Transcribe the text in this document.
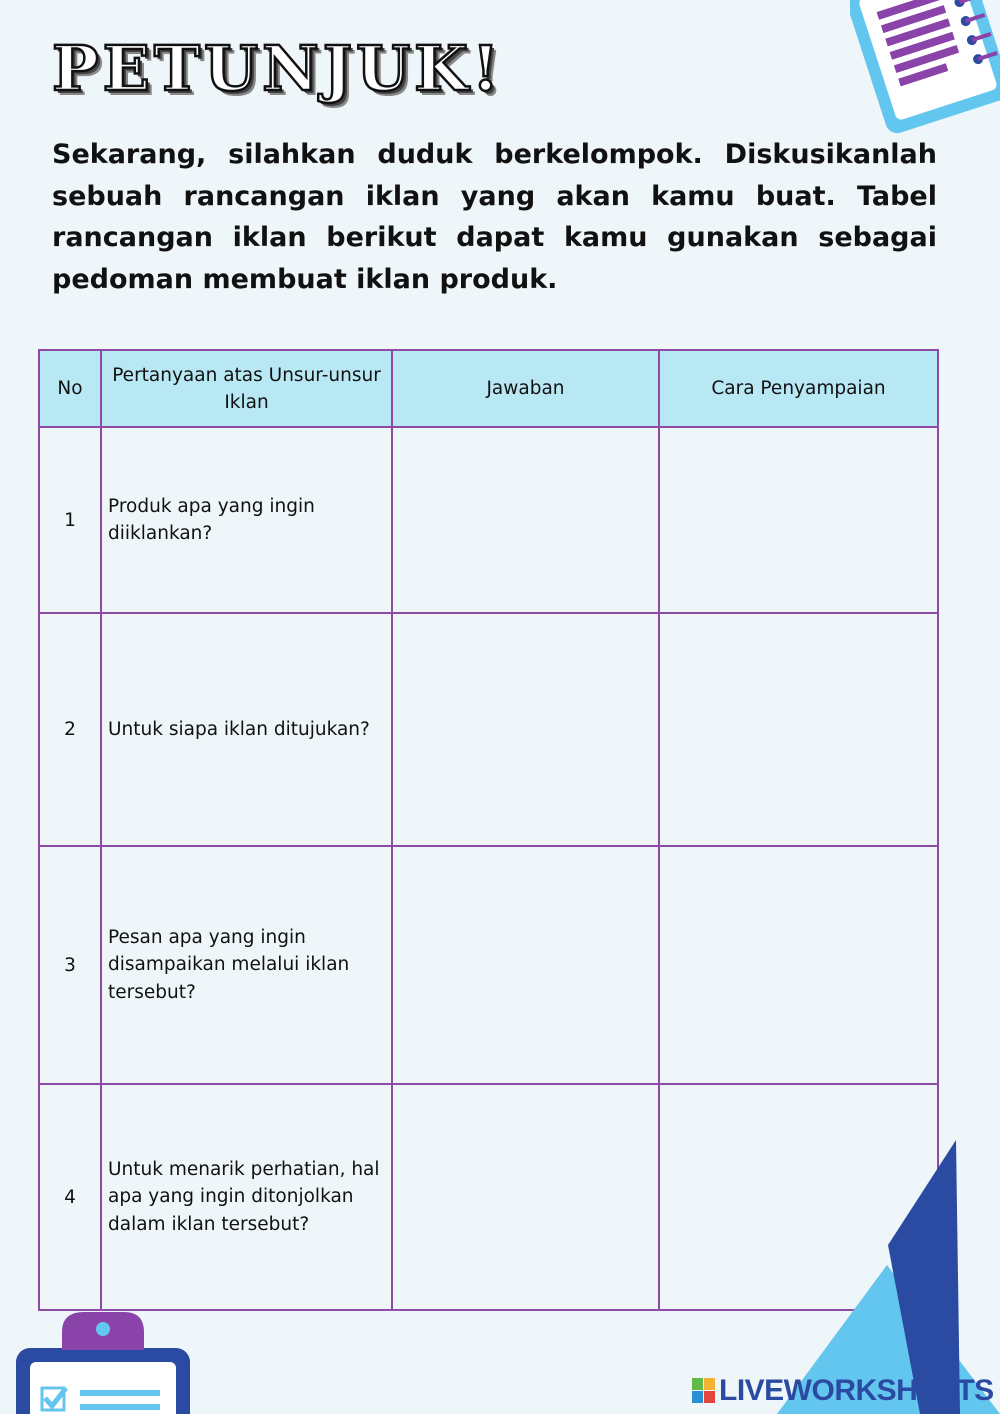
PETUNJUK!

Sekarang, silahkan duduk berkelompok. Diskusikanlah sebuah rancangan iklan yang akan kamu buat. Tabel rancangan iklan berikut dapat kamu gunakan sebagai pedoman membuat iklan produk.

No	Pertanyaan atas Unsur-unsur Iklan	Jawaban	Cara Penyampaian
1	Produk apa yang ingin diiklankan?		
2	Untuk siapa iklan ditujukan?		
3	Pesan apa yang ingin disampaikan melalui iklan tersebut?		
4	Untuk menarik perhatian, hal apa yang ingin ditonjolkan dalam iklan tersebut?		
LIVEWORKSHEETS
